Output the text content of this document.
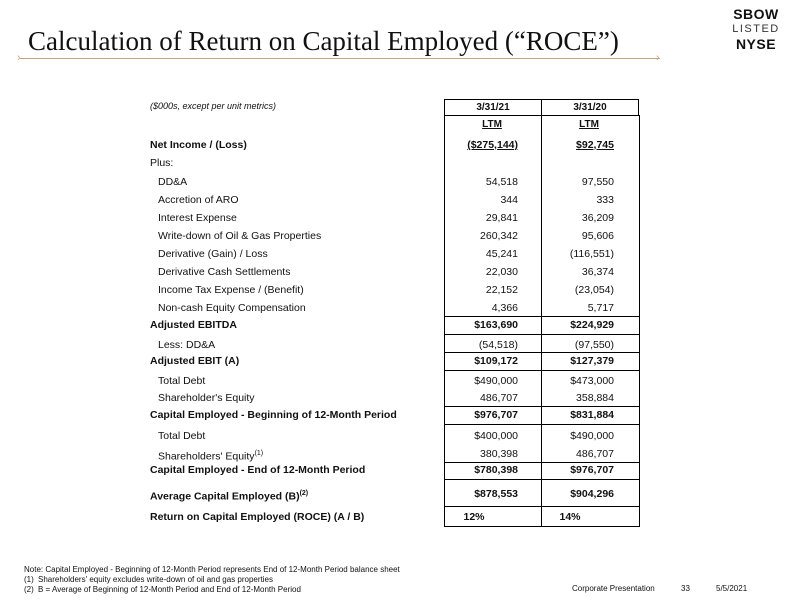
Calculation of Return on Capital Employed (“ROCE”)
›	›
SBOW
LISTED
NYSE
($000s, except per unit metrics)	3/31/21	3/31/20
LTM	LTM
Net Income / (Loss)	($275,144)	$92,745
Plus:
DD&A	54,518	97,550
Accretion of ARO	344	333
Interest Expense	29,841	36,209
Write-down of Oil & Gas Properties	260,342	95,606
Derivative (Gain) / Loss	45,241	(116,551)
Derivative Cash Settlements	22,030	36,374
Income Tax Expense / (Benefit)	22,152	(23,054)
Non-cash Equity Compensation	4,366	5,717
Adjusted EBITDA	$163,690	$224,929
Less: DD&A	(54,518)	(97,550)
Adjusted EBIT (A)	$109,172	$127,379
Total Debt	$490,000	$473,000
Shareholder's Equity	486,707	358,884
Capital Employed - Beginning of 12-Month Period	$976,707	$831,884
Total Debt	$400,000	$490,000
Shareholders' Equity$^{(1)}$	380,398	486,707
Capital Employed - End of 12-Month Period	$780,398	$976,707
Average Capital Employed $(B)^{(2)}$	$878,553	$904,296
Return on Capital Employed (ROCE) (A / B)	12%	14%
Note: Capital Employed - Beginning of 12-Month Period represents End of 12-Month Period balance sheet
(1) Shareholders' equity excludes write-down of oil and gas properties
(2) B = Average of Beginning of 12-Month Period and End of 12-Month Period	Corporate Presentation	33	5/5/2021
